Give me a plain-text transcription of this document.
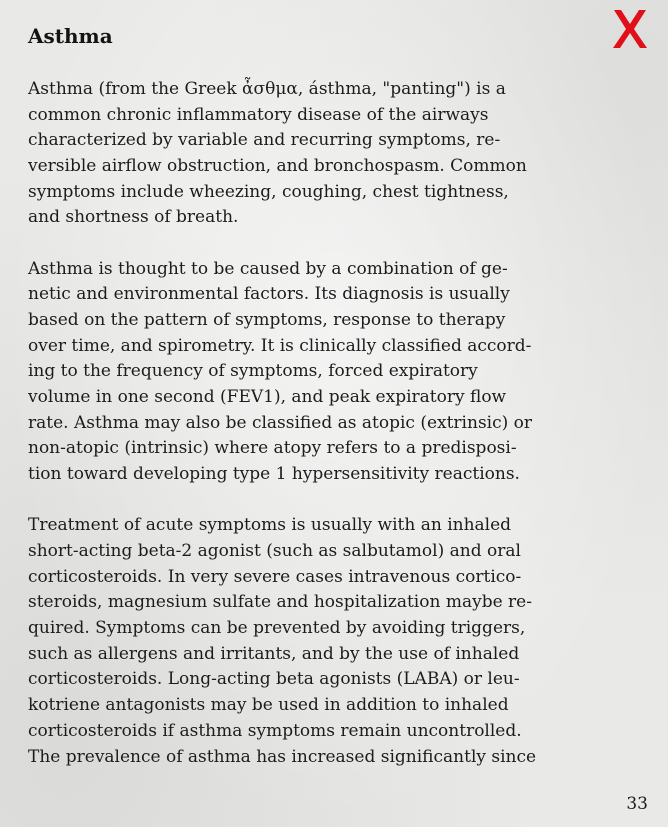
Asthma

Asthma (from the Greek ἆσθμα, ásthma, "panting") is a
common chronic inflammatory disease of the airways
characterized by variable and recurring symptoms, re-
versible airflow obstruction, and bronchospasm. Common
symptoms include wheezing, coughing, chest tightness,
and shortness of breath.

Asthma is thought to be caused by a combination of ge-
netic and environmental factors. Its diagnosis is usually
based on the pattern of symptoms, response to therapy
over time, and spirometry. It is clinically classified accord-
ing to the frequency of symptoms, forced expiratory
volume in one second (FEV1), and peak expiratory flow
rate. Asthma may also be classified as atopic (extrinsic) or
non-atopic (intrinsic) where atopy refers to a predisposi-
tion toward developing type 1 hypersensitivity reactions.

Treatment of acute symptoms is usually with an inhaled
short-acting beta-2 agonist (such as salbutamol) and oral
corticosteroids. In very severe cases intravenous cortico-
steroids, magnesium sulfate and hospitalization maybe re-
quired. Symptoms can be prevented by avoiding triggers,
such as allergens and irritants, and by the use of inhaled
corticosteroids. Long-acting beta agonists (LABA) or leu-
kotriene antagonists may be used in addition to inhaled
corticosteroids if asthma symptoms remain uncontrolled.
The prevalence of asthma has increased significantly since

33
